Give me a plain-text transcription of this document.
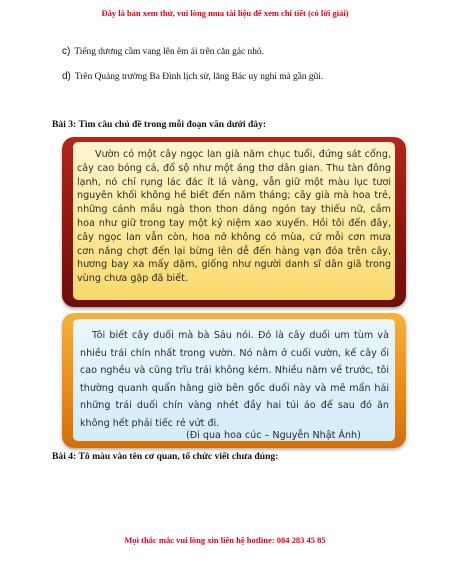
Đây là bản xem thử, vui lòng mua tài liệu để xem chi tiết (có lời giải)
c) Tiếng dương cầm vang lên êm ái trên căn gác nhỏ.
d) Trên Quảng trường Ba Đình lịch sử, lăng Bác uy nghi mà gần gũi.
Bài 3: Tìm câu chủ đề trong mỗi đoạn văn dưới đây:
Vườn có một cây ngọc lan già năm chục tuổi, đứng sát cổng, cây cao bóng cả, đổ sộ như một áng thơ dân gian. Thu tàn đông lạnh, nó chỉ rụng lác đác ít lá vàng, vẫn giữ một màu lục tươi nguyên khối không hề biết đến năm tháng; cây già mà hoa trẻ, những cánh mầu ngà thon thon dáng ngón tay thiếu nữ, cầm hoa như giữ trong tay một kỷ niệm xao xuyến. Hồi tôi đến đây, cây ngọc lan vẫn còn, hoa nở không có mùa, cứ mỗi cơn mưa cơn nắng chợt đến lại bừng lên dễ đến hàng vạn đóa trên cây, hương bay xa mấy dặm, giống như người danh sĩ dân giã trong vùng chưa gặp đã biết.
Tôi biết cây duối mà bà Sáu nói. Đó là cây duối um tùm và nhiều trái chín nhất trong vườn. Nó nằm ở cuối vườn, kế cây ổi cao nghều và cũng trĩu trái không kém. Nhiều năm về trước, tôi thường quanh quẩn hằng giờ bên gốc duối này và mê mẩn hái những trái duối chín vàng nhét đầy hai túi áo để sau đó ăn không hết phải tiếc rẻ vứt đi.
(Đi qua hoa cúc – Nguyễn Nhật Ánh)
Bài 4: Tô màu vào tên cơ quan, tổ chức viết chưa đúng:
Mọi thắc mắc vui lòng xin liên hệ hotline: 084 283 45 85
